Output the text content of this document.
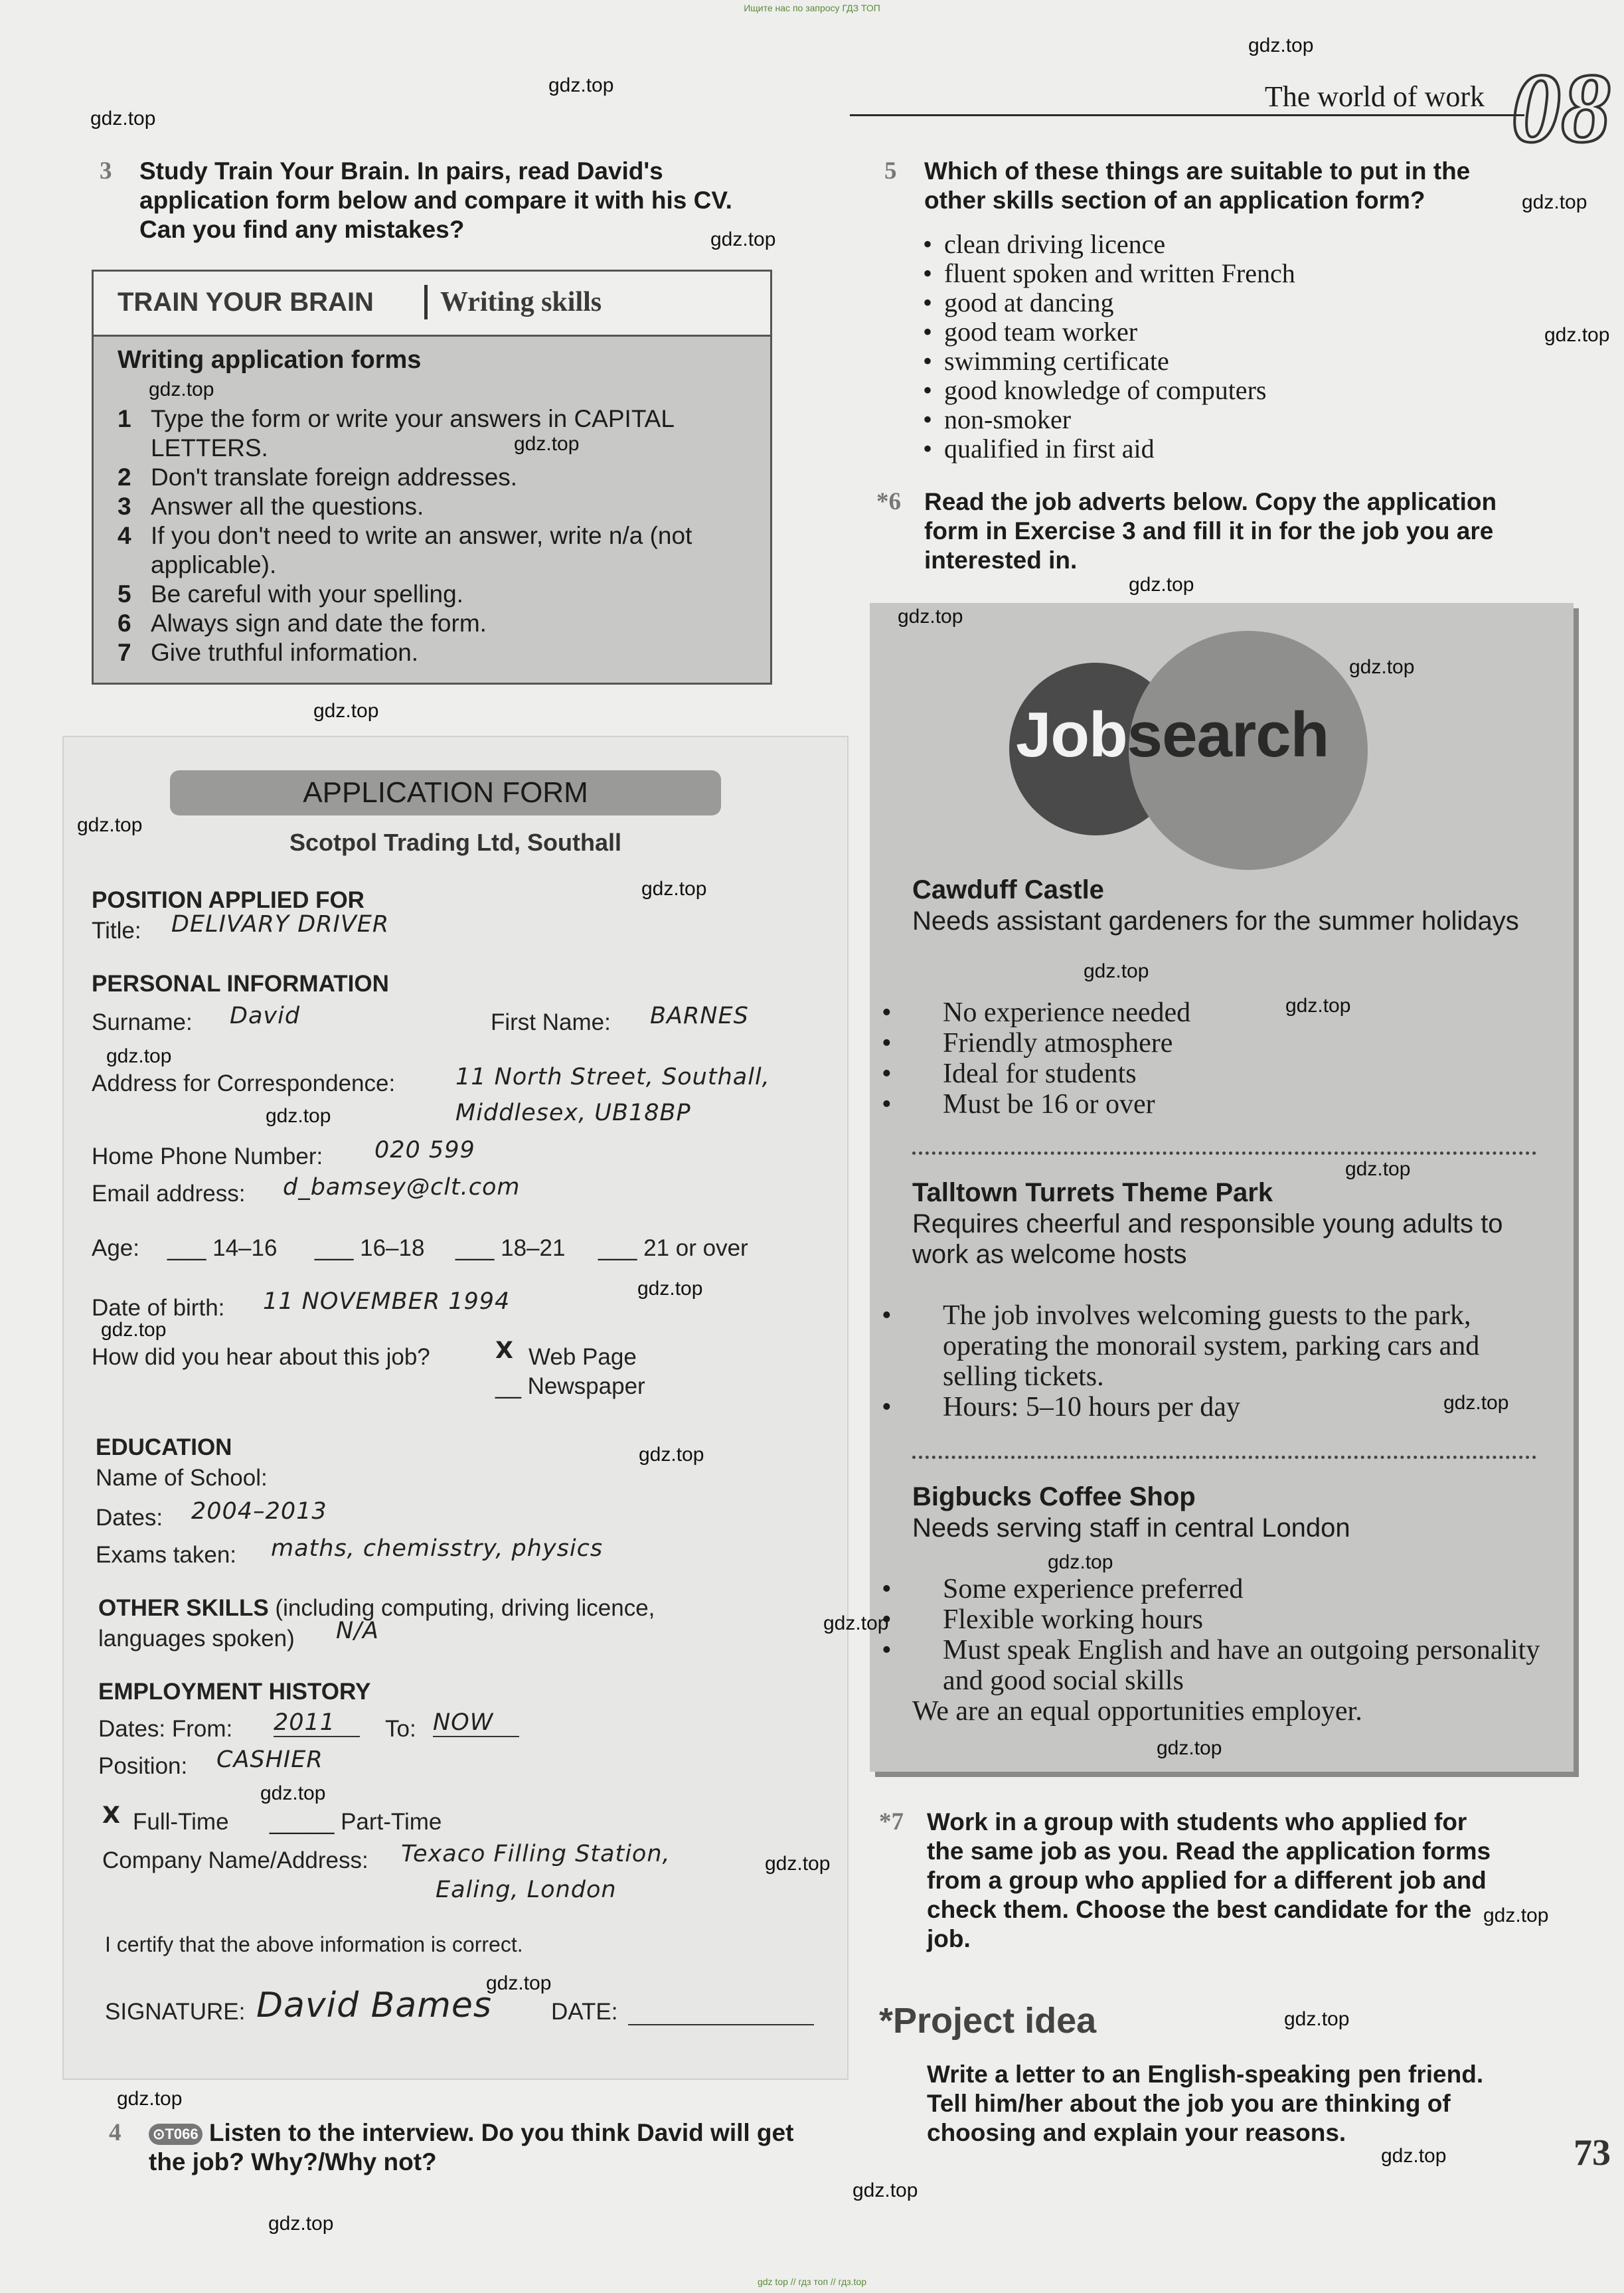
Ищите нас по запросу ГДЗ ТОП
gdz top // гдз топ // гдз.top
The world of work 08
3 Study Train Your Brain. In pairs, read David's application form below and compare it with his CV. Can you find any mistakes?
TRAIN YOUR BRAIN Writing skills
Writing application forms
1 Type the form or write your answers in CAPITAL LETTERS.
2 Don't translate foreign addresses.
3 Answer all the questions.
4 If you don't need to write an answer, write n/a (not applicable).
5 Be careful with your spelling.
6 Always sign and date the form.
7 Give truthful information.
APPLICATION FORM
Scotpol Trading Ltd, Southall
POSITION APPLIED FOR
Title: DELIVARY DRIVER
PERSONAL INFORMATION
Surname: David	First Name: BARNES
Address for Correspondence:	11 North Street, Southall,
Middlesex, UB18BP
Home Phone Number: 020 599
Email address: d_bamsey@clt.com
Age: ___ 14–16 ___ 16–18 ___ 18–21 ___ 21 or over
Date of birth: 11 NOVEMBER 1994
How did you hear about this job?	X Web Page
__ Newspaper
EDUCATION
Name of School:
Dates: 2004–2013
Exams taken: maths, chemisstry, physics
OTHER SKILLS (including computing, driving licence,
languages spoken) N/A
EMPLOYMENT HISTORY
Dates: From: 2011	To: NOW
Position: CASHIER
X Full-Time _____ Part-Time
Company Name/Address: Texaco Filling Station,
Ealing, London
I certify that the above information is correct.
SIGNATURE: David Bames	DATE:
4 ⊙T066 Listen to the interview. Do you think David will get the job? Why?/Why not?
5 Which of these things are suitable to put in the other skills section of an application form?
• clean driving licence
• fluent spoken and written French
• good at dancing
• good team worker
• swimming certificate
• good knowledge of computers
• non-smoker
• qualified in first aid
*6 Read the job adverts below. Copy the application form in Exercise 3 and fill it in for the job you are interested in.
Jobsearch
Cawduff Castle
Needs assistant gardeners for the summer holidays
• No experience needed
• Friendly atmosphere
• Ideal for students
• Must be 16 or over
Talltown Turrets Theme Park
Requires cheerful and responsible young adults to work as welcome hosts
• The job involves welcoming guests to the park, operating the monorail system, parking cars and selling tickets.
• Hours: 5–10 hours per day
Bigbucks Coffee Shop
Needs serving staff in central London
• Some experience preferred
• Flexible working hours
• Must speak English and have an outgoing personality and good social skills
We are an equal opportunities employer.
*7 Work in a group with students who applied for the same job as you. Read the application forms from a group who applied for a different job and check them. Choose the best candidate for the job.
*Project idea
Write a letter to an English-speaking pen friend. Tell him/her about the job you are thinking of choosing and explain your reasons.	73
gdz.top
gdz.top
gdz.top
gdz.top
gdz.top
gdz.top
gdz.top
gdz.top
gdz.top
gdz.top
gdz.top
gdz.top
gdz.top
gdz.top
gdz.top
gdz.top
gdz.top
gdz.top
gdz.top
gdz.top
gdz.top
gdz.top
gdz.top
gdz.top
gdz.top
gdz.top
gdz.top
gdz.top
gdz.top
gdz.top
gdz.top
gdz.top
gdz.top
gdz.top
gdz.top
